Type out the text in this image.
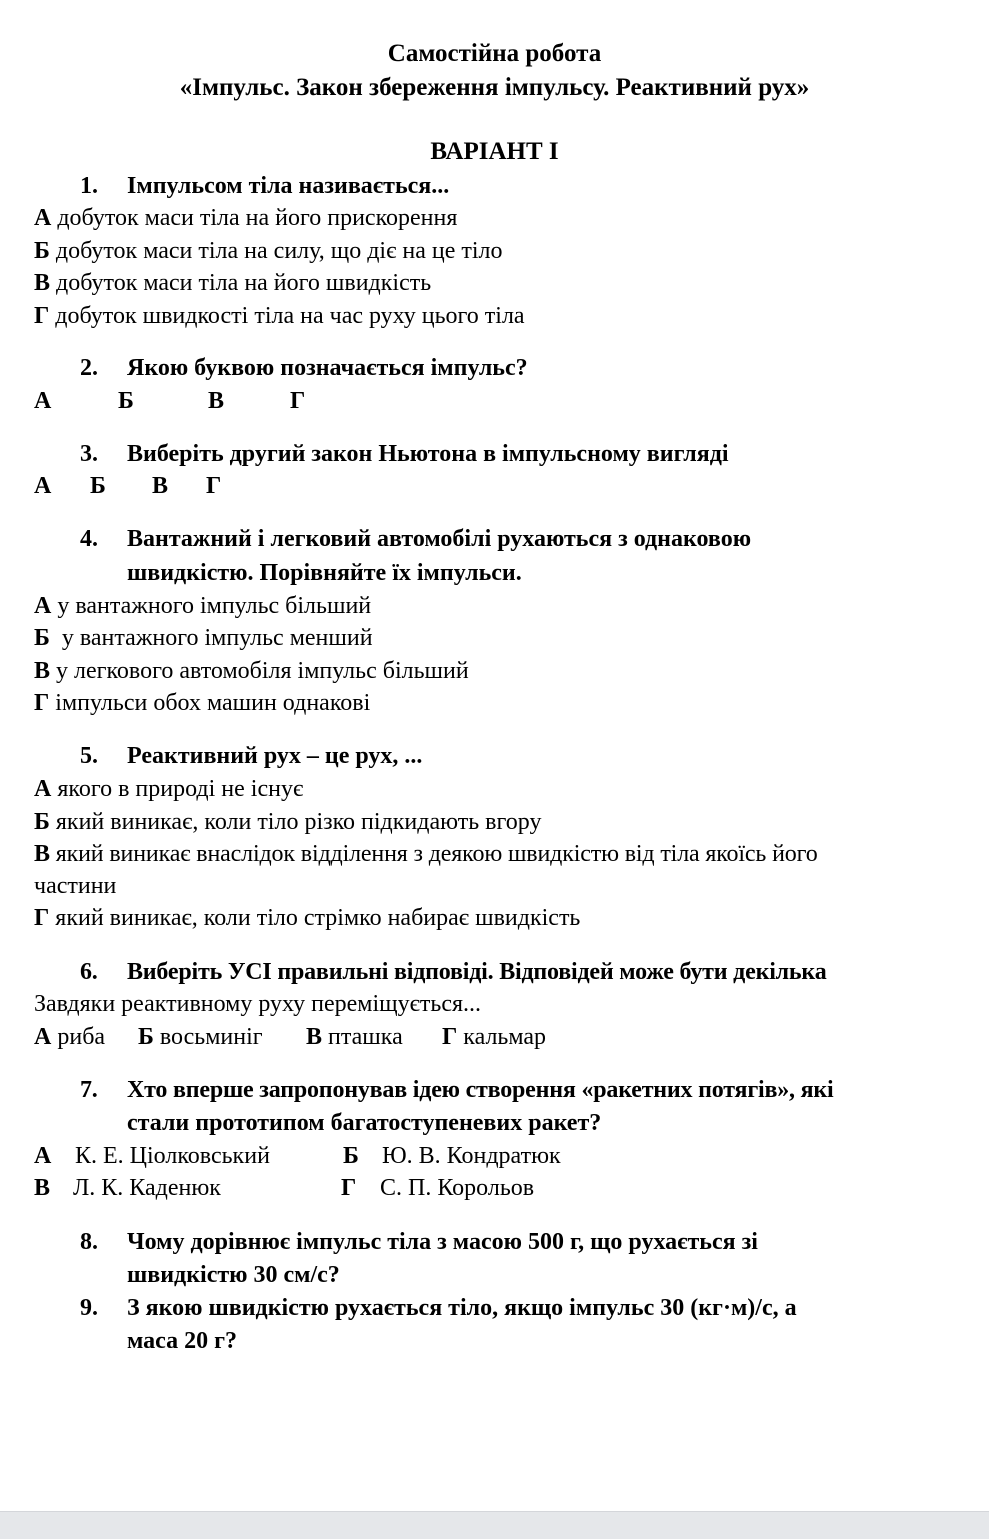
Самостійна робота
«Імпульс. Закон збереження імпульсу. Реактивний рух»
ВАРІАНТ І
1. Імпульсом тіла називається...
А добуток маси тіла на його прискорення
Б добуток маси тіла на силу, що діє на це тіло
В добуток маси тіла на його швидкість
Г добуток швидкості тіла на час руху цього тіла
2. Якою буквою позначається імпульс?
А	Б	В	Г
3. Виберіть другий закон Ньютона в імпульсному вигляді
А Б В Г
4. Вантажний і легковий автомобілі рухаються з однаковою
швидкістю. Порівняйте їх імпульси.
А у вантажного імпульс більший
Б  у вантажного імпульс менший
В у легкового автомобіля імпульс більший
Г імпульси обох машин однакові
5. Реактивний рух – це рух, ...
А якого в природі не існує
Б який виникає, коли тіло різко підкидають вгору
В який виникає внаслідок відділення з деякою швидкістю від тіла якоїсь його
частини
Г який виникає, коли тіло стрімко набирає швидкість
6. Виберіть УСІ правильні відповіді. Відповідей може бути декілька
Завдяки реактивному руху переміщується...
А риба Б восьминіг В пташка Г кальмар
7. Хто вперше запропонував ідею створення «ракетних потягів», які
стали прототипом багатоступеневих ракет?
А К. Е. Ціолковський	Б Ю. В. Кондратюк
В Л. К. Каденюк	Г С. П. Корольов
8. Чому дорівнює імпульс тіла з масою 500 г, що рухається зі
швидкістю 30 см/с?
9. З якою швидкістю рухається тіло, якщо імпульс 30 (кг·м)/с, а
маса 20 г?
